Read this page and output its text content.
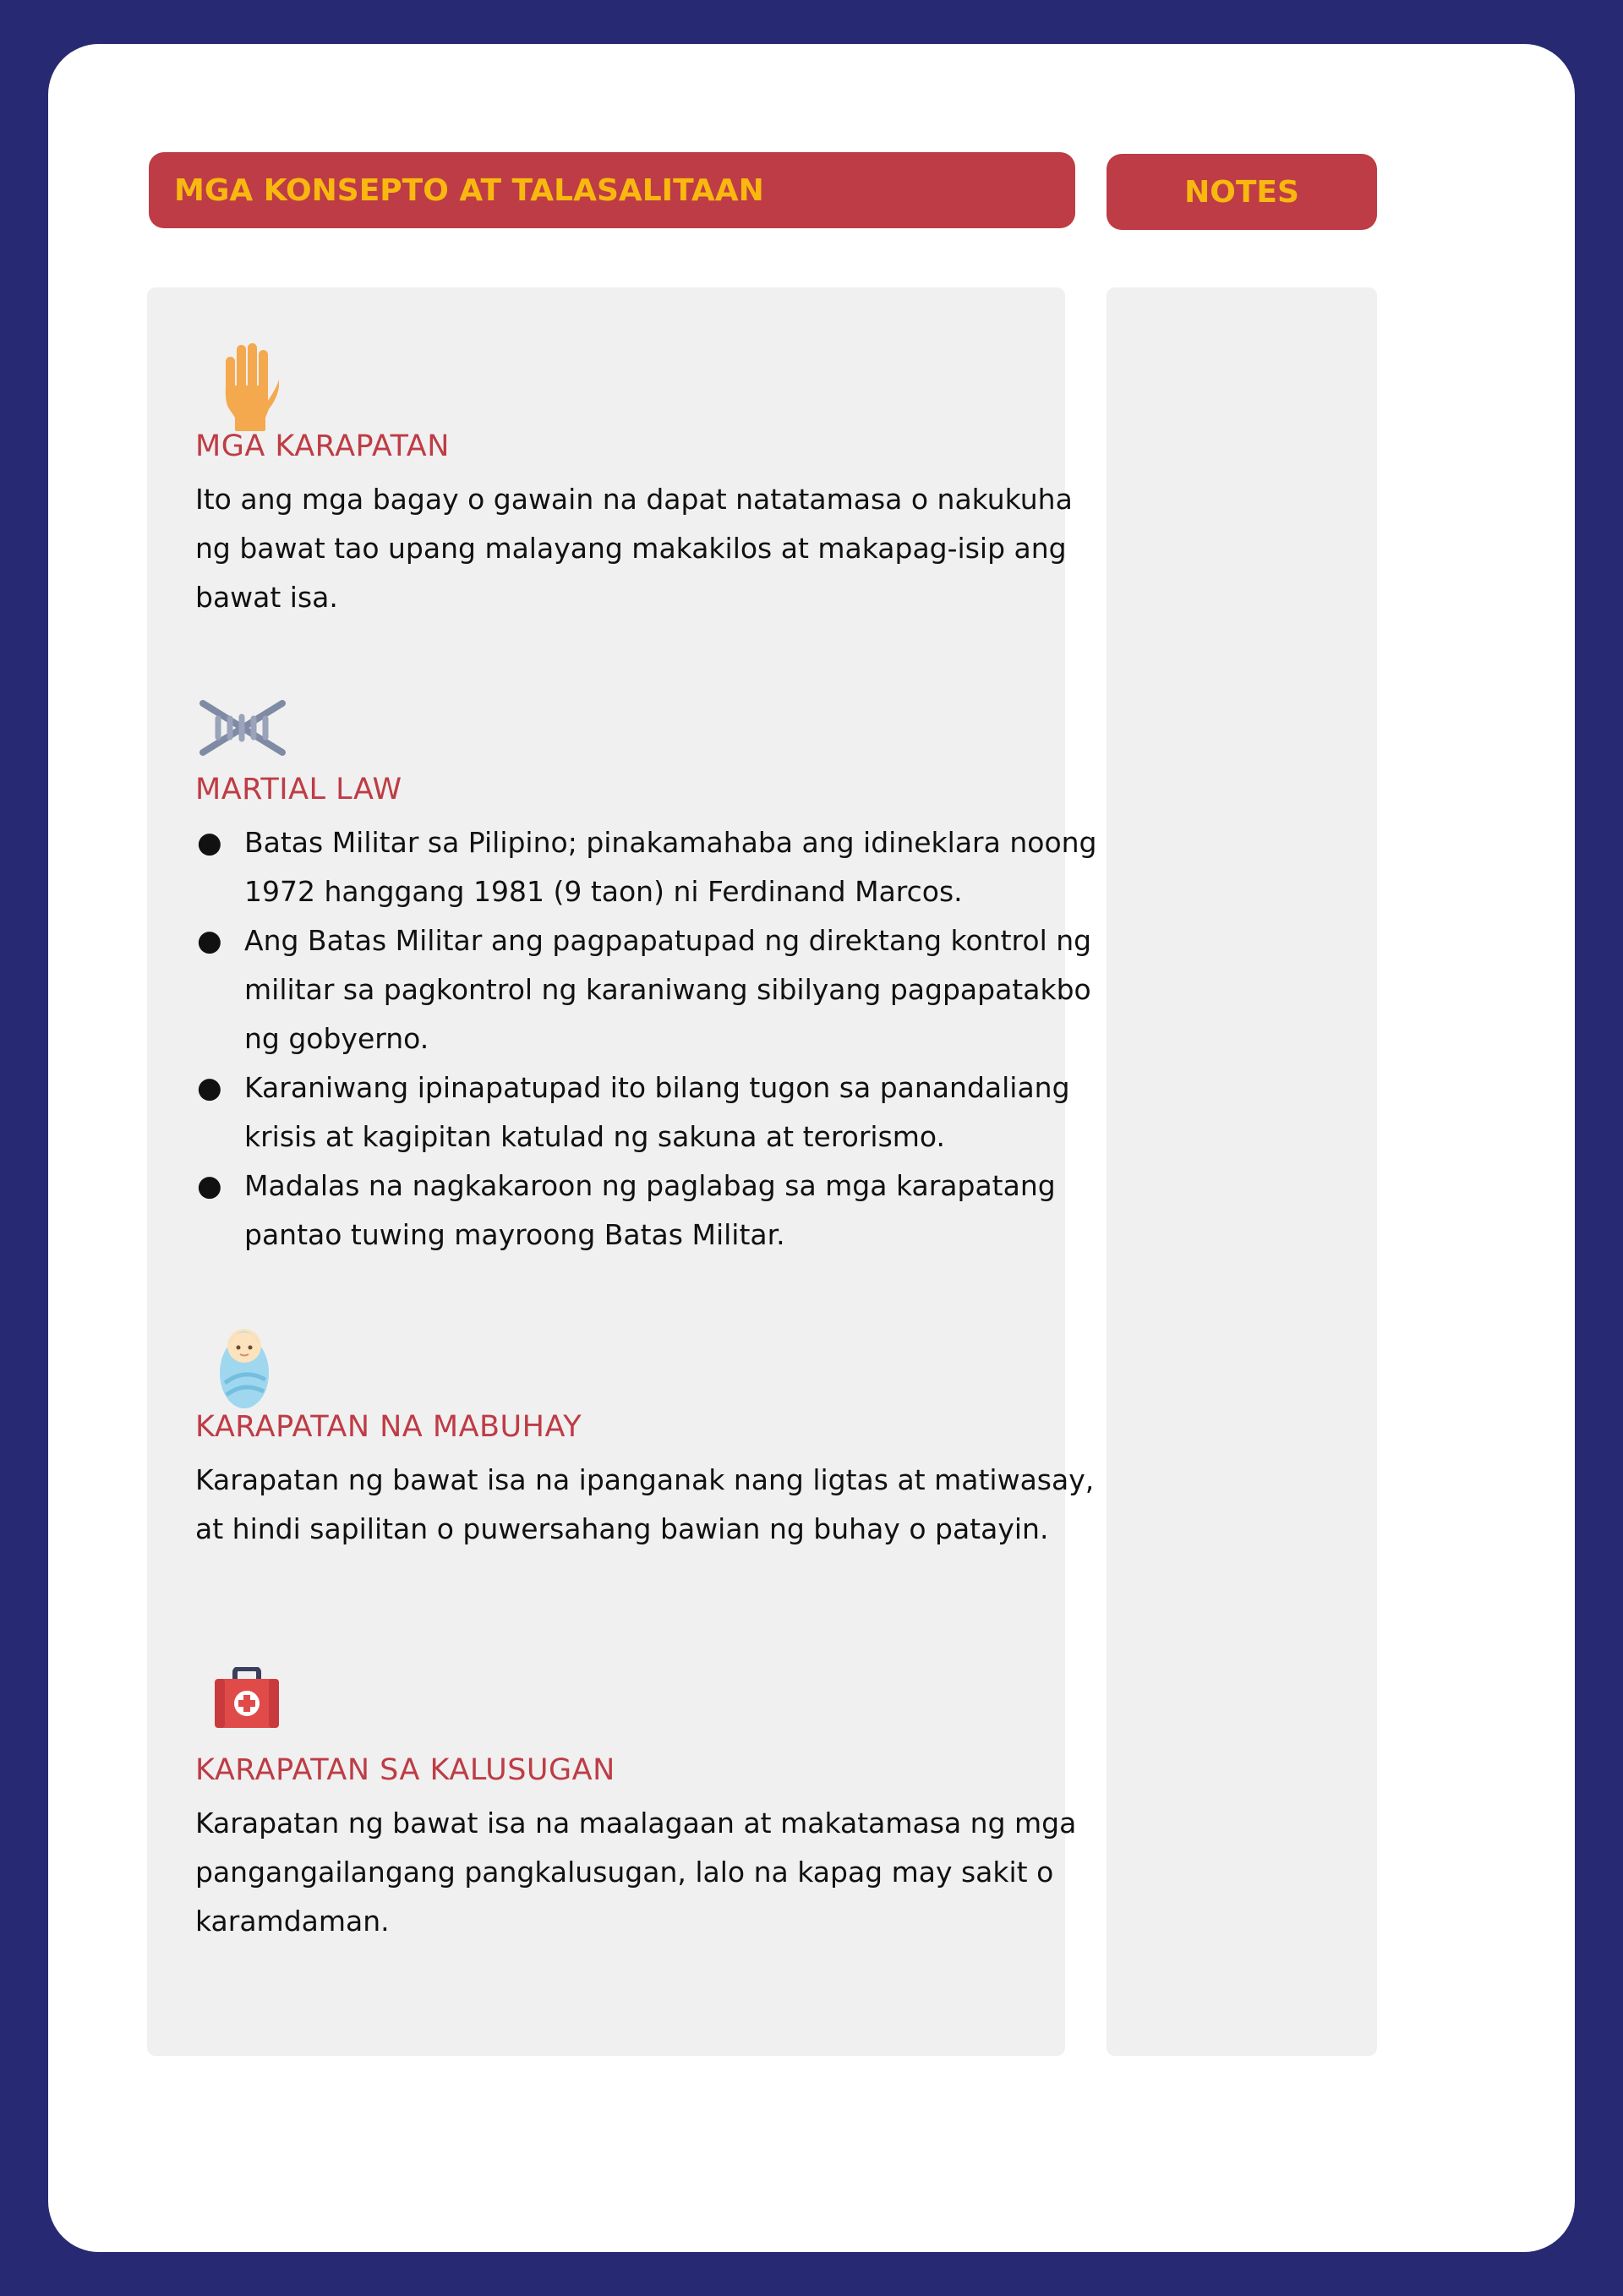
MGA KONSEPTO AT TALASALITAAN	NOTES
MGA KARAPATAN
Ito ang mga bagay o gawain na dapat natatamasa o nakukuha ng bawat tao upang malayang makakilos at makapag-isip ang bawat isa.
MARTIAL LAW
● Batas Militar sa Pilipino; pinakamahaba ang idineklara noong 1972 hanggang 1981 (9 taon) ni Ferdinand Marcos.
● Ang Batas Militar ang pagpapatupad ng direktang kontrol ng militar sa pagkontrol ng karaniwang sibilyang pagpapatakbo ng gobyerno.
● Karaniwang ipinapatupad ito bilang tugon sa panandaliang krisis at kagipitan katulad ng sakuna at terorismo.
● Madalas na nagkakaroon ng paglabag sa mga karapatang pantao tuwing mayroong Batas Militar.
KARAPATAN NA MABUHAY
Karapatan ng bawat isa na ipanganak nang ligtas at matiwasay, at hindi sapilitan o puwersahang bawian ng buhay o patayin.
KARAPATAN SA KALUSUGAN
Karapatan ng bawat isa na maalagaan at makatamasa ng mga pangangailangang pangkalusugan, lalo na kapag may sakit o karamdaman.
